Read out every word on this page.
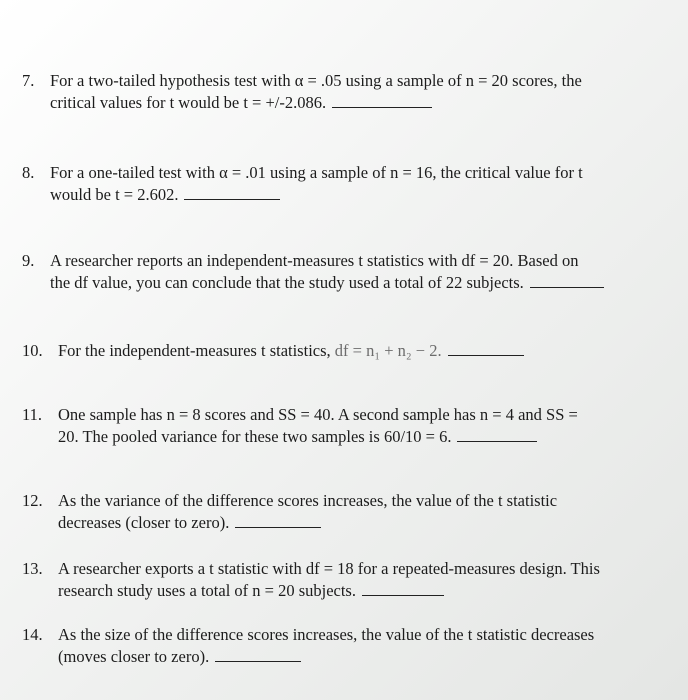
7. For a two-tailed hypothesis test with α = .05 using a sample of n = 20 scores, the
critical values for t would be t = +/-2.086.
8. For a one-tailed test with α = .01 using a sample of n = 16, the critical value for t
would be t = 2.602.
9. A researcher reports an independent-measures t statistics with df = 20. Based on
the df value, you can conclude that the study used a total of 22 subjects.
10. For the independent-measures t statistics, df = n₁ + n₂ − 2.
11. One sample has n = 8 scores and SS = 40. A second sample has n = 4 and SS =
20. The pooled variance for these two samples is 60/10 = 6.
12. As the variance of the difference scores increases, the value of the t statistic
decreases (closer to zero).
13. A researcher exports a t statistic with df = 18 for a repeated-measures design. This
research study uses a total of n = 20 subjects.
14. As the size of the difference scores increases, the value of the t statistic decreases
(moves closer to zero).
